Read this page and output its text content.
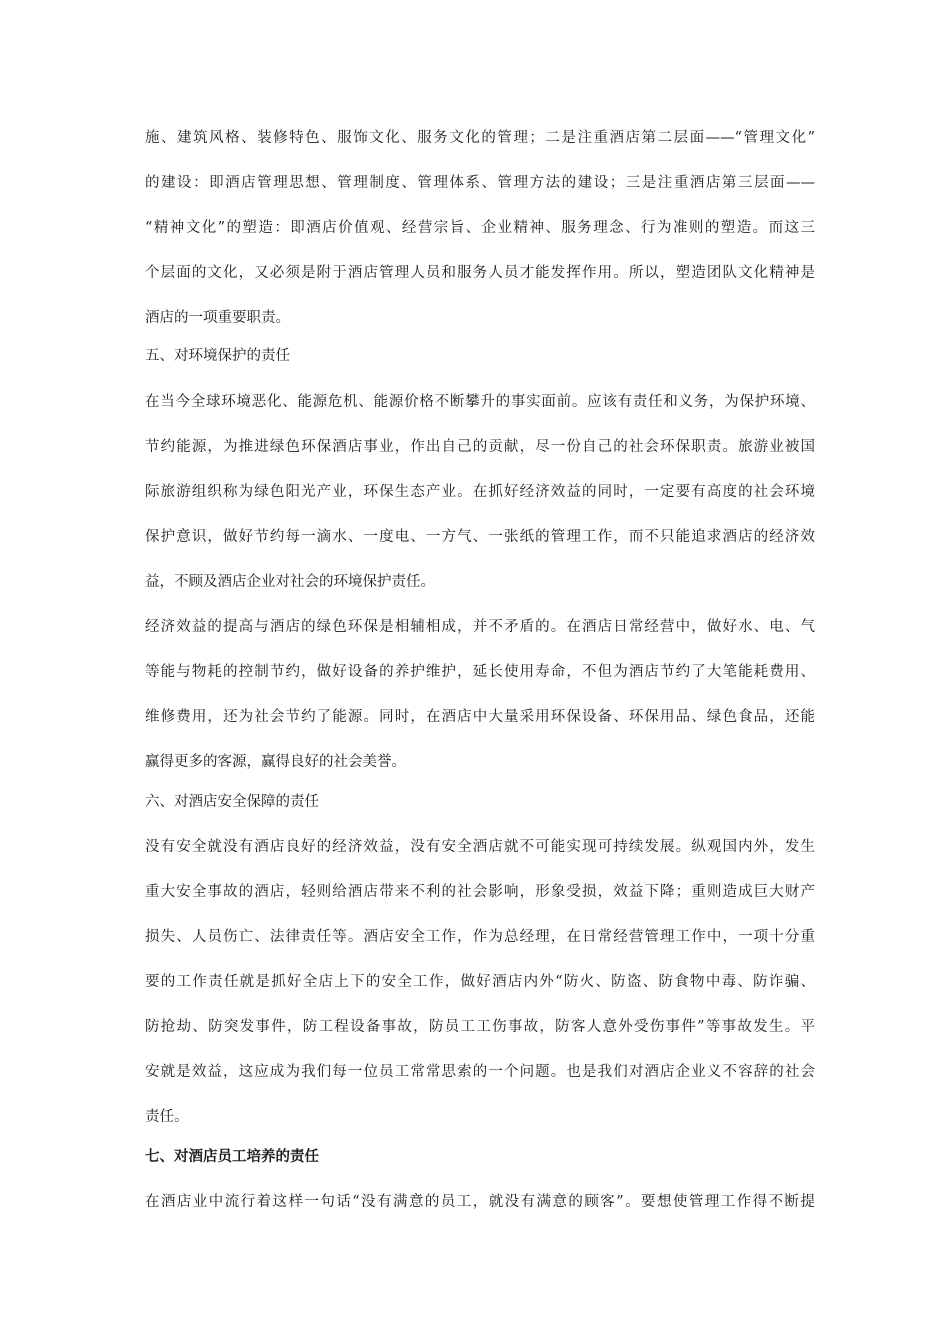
施、建筑风格、装修特色、服饰文化、服务文化的管理；二是注重酒店第二层面——“管理文化”
的建设：即酒店管理思想、管理制度、管理体系、管理方法的建设；三是注重酒店第三层面——
“精神文化”的塑造：即酒店价值观、经营宗旨、企业精神、服务理念、行为准则的塑造。而这三
个层面的文化，又必须是附于酒店管理人员和服务人员才能发挥作用。所以，塑造团队文化精神是
酒店的一项重要职责。
五、对环境保护的责任
在当今全球环境恶化、能源危机、能源价格不断攀升的事实面前。应该有责任和义务，为保护环境、
节约能源，为推进绿色环保酒店事业，作出自己的贡献，尽一份自己的社会环保职责。旅游业被国
际旅游组织称为绿色阳光产业，环保生态产业。在抓好经济效益的同时，一定要有高度的社会环境
保护意识，做好节约每一滴水、一度电、一方气、一张纸的管理工作，而不只能追求酒店的经济效
益，不顾及酒店企业对社会的环境保护责任。
经济效益的提高与酒店的绿色环保是相辅相成，并不矛盾的。在酒店日常经营中，做好水、电、气
等能与物耗的控制节约，做好设备的养护维护，延长使用寿命，不但为酒店节约了大笔能耗费用、
维修费用，还为社会节约了能源。同时，在酒店中大量采用环保设备、环保用品、绿色食品，还能
赢得更多的客源，赢得良好的社会美誉。
六、对酒店安全保障的责任
没有安全就没有酒店良好的经济效益，没有安全酒店就不可能实现可持续发展。纵观国内外，发生
重大安全事故的酒店，轻则给酒店带来不利的社会影响，形象受损，效益下降；重则造成巨大财产
损失、人员伤亡、法律责任等。酒店安全工作，作为总经理，在日常经营管理工作中，一项十分重
要的工作责任就是抓好全店上下的安全工作，做好酒店内外“防火、防盗、防食物中毒、防诈骗、
防抢劫、防突发事件，防工程设备事故，防员工工伤事故，防客人意外受伤事件”等事故发生。平
安就是效益，这应成为我们每一位员工常常思索的一个问题。也是我们对酒店企业义不容辞的社会
责任。
七、对酒店员工培养的责任
在酒店业中流行着这样一句话“没有满意的员工，就没有满意的顾客”。要想使管理工作得不断提
